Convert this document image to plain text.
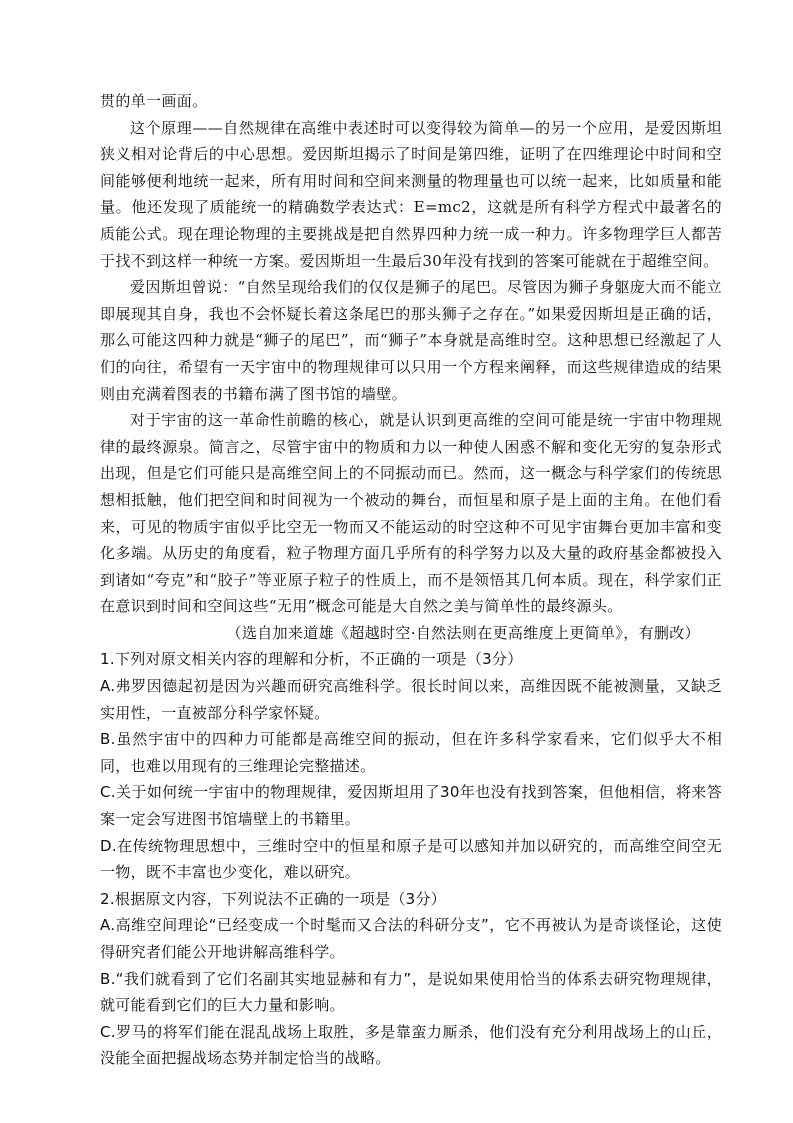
贯的单一画面。

这个原理——自然规律在高维中表述时可以变得较为简单—的另一个应用，是爱因斯坦狭义相对论背后的中心思想。爱因斯坦揭示了时间是第四维，证明了在四维理论中时间和空间能够便利地统一起来，所有用时间和空间来测量的物理量也可以统一起来，比如质量和能量。他还发现了质能统一的精确数学表达式：E=mc2，这就是所有科学方程式中最著名的质能公式。现在理论物理的主要挑战是把自然界四种力统一成一种力。许多物理学巨人都苦于找不到这样一种统一方案。爱因斯坦一生最后30年没有找到的答案可能就在于超维空间。

爱因斯坦曾说：“自然呈现给我们的仅仅是狮子的尾巴。尽管因为狮子身躯庞大而不能立即展现其自身，我也不会怀疑长着这条尾巴的那头狮子之存在。”如果爱因斯坦是正确的话，那么可能这四种力就是“狮子的尾巴”，而“狮子”本身就是高维时空。这种思想已经激起了人们的向往，希望有一天宇宙中的物理规律可以只用一个方程来阐释，而这些规律造成的结果则由充满着图表的书籍布满了图书馆的墙壁。

对于宇宙的这一革命性前瞻的核心，就是认识到更高维的空间可能是统一宇宙中物理规律的最终源泉。简言之，尽管宇宙中的物质和力以一种使人困惑不解和变化无穷的复杂形式出现，但是它们可能只是高维空间上的不同振动而已。然而，这一概念与科学家们的传统思想相抵触，他们把空间和时间视为一个被动的舞台，而恒星和原子是上面的主角。在他们看来，可见的物质宇宙似乎比空无一物而又不能运动的时空这种不可见宇宙舞台更加丰富和变化多端。从历史的角度看，粒子物理方面几乎所有的科学努力以及大量的政府基金都被投入到诸如“夸克”和“胶子”等亚原子粒子的性质上，而不是领悟其几何本质。现在，科学家们正在意识到时间和空间这些“无用”概念可能是大自然之美与简单性的最终源头。

（选自加来道雄《超越时空·自然法则在更高维度上更简单》，有删改）

1.下列对原文相关内容的理解和分析，不正确的一项是（3分）

A.弗罗因德起初是因为兴趣而研究高维科学。很长时间以来，高维因既不能被测量，又缺乏实用性，一直被部分科学家怀疑。

B.虽然宇宙中的四种力可能都是高维空间的振动，但在许多科学家看来，它们似乎大不相同，也难以用现有的三维理论完整描述。

C.关于如何统一宇宙中的物理规律，爱因斯坦用了30年也没有找到答案，但他相信，将来答案一定会写进图书馆墙壁上的书籍里。

D.在传统物理思想中，三维时空中的恒星和原子是可以感知并加以研究的，而高维空间空无一物，既不丰富也少变化，难以研究。

2.根据原文内容，下列说法不正确的一项是（3分）

A.高维空间理论“已经变成一个时髦而又合法的科研分支”，它不再被认为是奇谈怪论，这使得研究者们能公开地讲解高维科学。

B.“我们就看到了它们名副其实地显赫和有力”，是说如果使用恰当的体系去研究物理规律，就可能看到它们的巨大力量和影响。

C.罗马的将军们能在混乱战场上取胜，多是靠蛮力厮杀，他们没有充分利用战场上的山丘，没能全面把握战场态势并制定恰当的战略。
